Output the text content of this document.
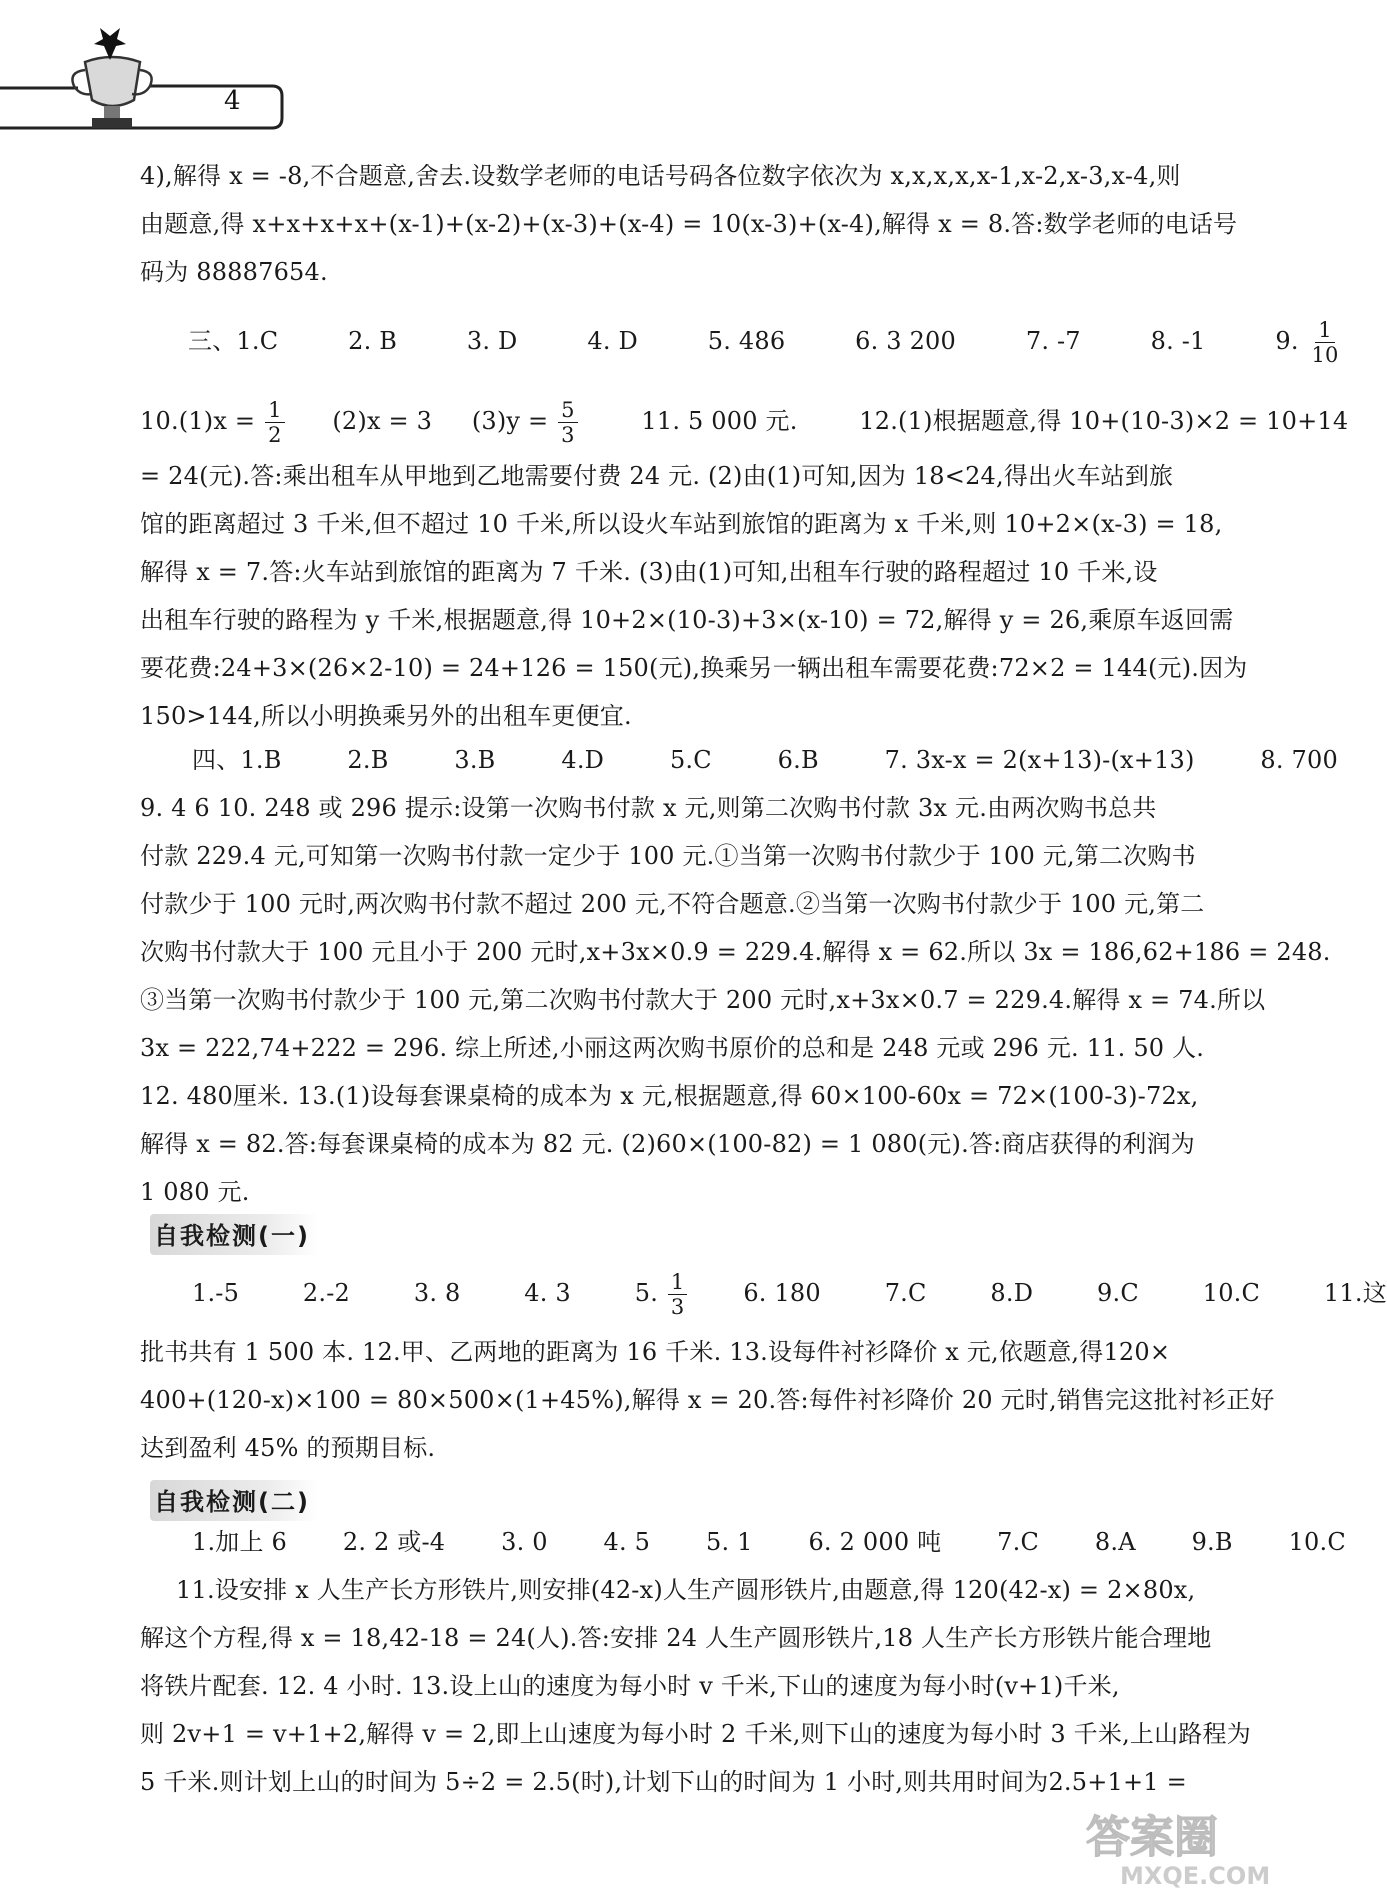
4
4),解得 x = -8,不合题意,舍去.设数学老师的电话号码各位数字依次为 x,x,x,x,x-1,x-2,x-3,x-4,则
由题意,得 x+x+x+x+(x-1)+(x-2)+(x-3)+(x-4) = 10(x-3)+(x-4),解得 x = 8.答:数学老师的电话号
码为 88887654.
三、1.C	2. B	3. D	4. D	5. 486	6. 3 200	7. -7	8. -1	9. $\frac{1}{10}$
$10.(1)x = \frac{1}{2} (2)x = 3$ $(3)y = \frac{5}{3}$	11. 5 000 元.	12.(1)根据题意,得 10+(10-3)×2 = 10+14
= 24(元).答:乘出租车从甲地到乙地需要付费 24 元. (2)由(1)可知,因为 18<24,得出火车站到旅
馆的距离超过 3 千米,但不超过 10 千米,所以设火车站到旅馆的距离为 x 千米,则 10+2×(x-3) = 18,
解得 x = 7.答:火车站到旅馆的距离为 7 千米. (3)由(1)可知,出租车行驶的路程超过 10 千米,设
出租车行驶的路程为 y 千米,根据题意,得 10+2×(10-3)+3×(x-10) = 72,解得 y = 26,乘原车返回需
要花费:24+3×(26×2-10) = 24+126 = 150(元),换乘另一辆出租车需要花费:72×2 = 144(元).因为
150>144,所以小明换乘另外的出租车更便宜.
四、1.B	2.B	3.B	4.D	5.C	6.B	7. 3x-x = 2(x+13)-(x+13)	8. 700
9. 4 6 10. 248 或 296 提示:设第一次购书付款 x 元,则第二次购书付款 3x 元.由两次购书总共
付款 229.4 元,可知第一次购书付款一定少于 100 元.①当第一次购书付款少于 100 元,第二次购书
付款少于 100 元时,两次购书付款不超过 200 元,不符合题意.②当第一次购书付款少于 100 元,第二
次购书付款大于 100 元且小于 200 元时,x+3x×0.9 = 229.4.解得 x = 62.所以 3x = 186,62+186 = 248.
③当第一次购书付款少于 100 元,第二次购书付款大于 200 元时,x+3x×0.7 = 229.4.解得 x = 74.所以
3x = 222,74+222 = 296. 综上所述,小丽这两次购书原价的总和是 248 元或 296 元. 11. 50 人.
12. 480厘米. 13.(1)设每套课桌椅的成本为 x 元,根据题意,得 60×100-60x = 72×(100-3)-72x,
解得 x = 82.答:每套课桌椅的成本为 82 元. (2)60×(100-82) = 1 080(元).答:商店获得的利润为
1 080 元.
自我检测(一)
1.-5	2.-2	3. 8	4. 3	5. $\frac{1}{3} 6$. 180	7.C	8.D	9.C	10.C	11.这
批书共有 1 500 本. 12.甲、乙两地的距离为 16 千米. 13.设每件衬衫降价 x 元,依题意,得120×
400+(120-x)×100 = 80×500×(1+45%),解得 x = 20.答:每件衬衫降价 20 元时,销售完这批衬衫正好
达到盈利 45% 的预期目标.
自我检测(二)
1.加上 6 2. 2 或-4 3. 0 4. 5 5. 1 6. 2 000 吨 7.C 8.A 9.B 10.C
11.设安排 x 人生产长方形铁片,则安排(42-x)人生产圆形铁片,由题意,得 120(42-x) = 2×80x,
解这个方程,得 x = 18,42-18 = 24(人).答:安排 24 人生产圆形铁片,18 人生产长方形铁片能合理地
将铁片配套. 12. 4 小时. 13.设上山的速度为每小时 v 千米,下山的速度为每小时(v+1)千米,
则 2v+1 = v+1+2,解得 v = 2,即上山速度为每小时 2 千米,则下山的速度为每小时 3 千米,上山路程为
5 千米.则计划上山的时间为 5÷2 = 2.5(时),计划下山的时间为 1 小时,则共用时间为2.5+1+1 =
答案圈
MXQE.COM
